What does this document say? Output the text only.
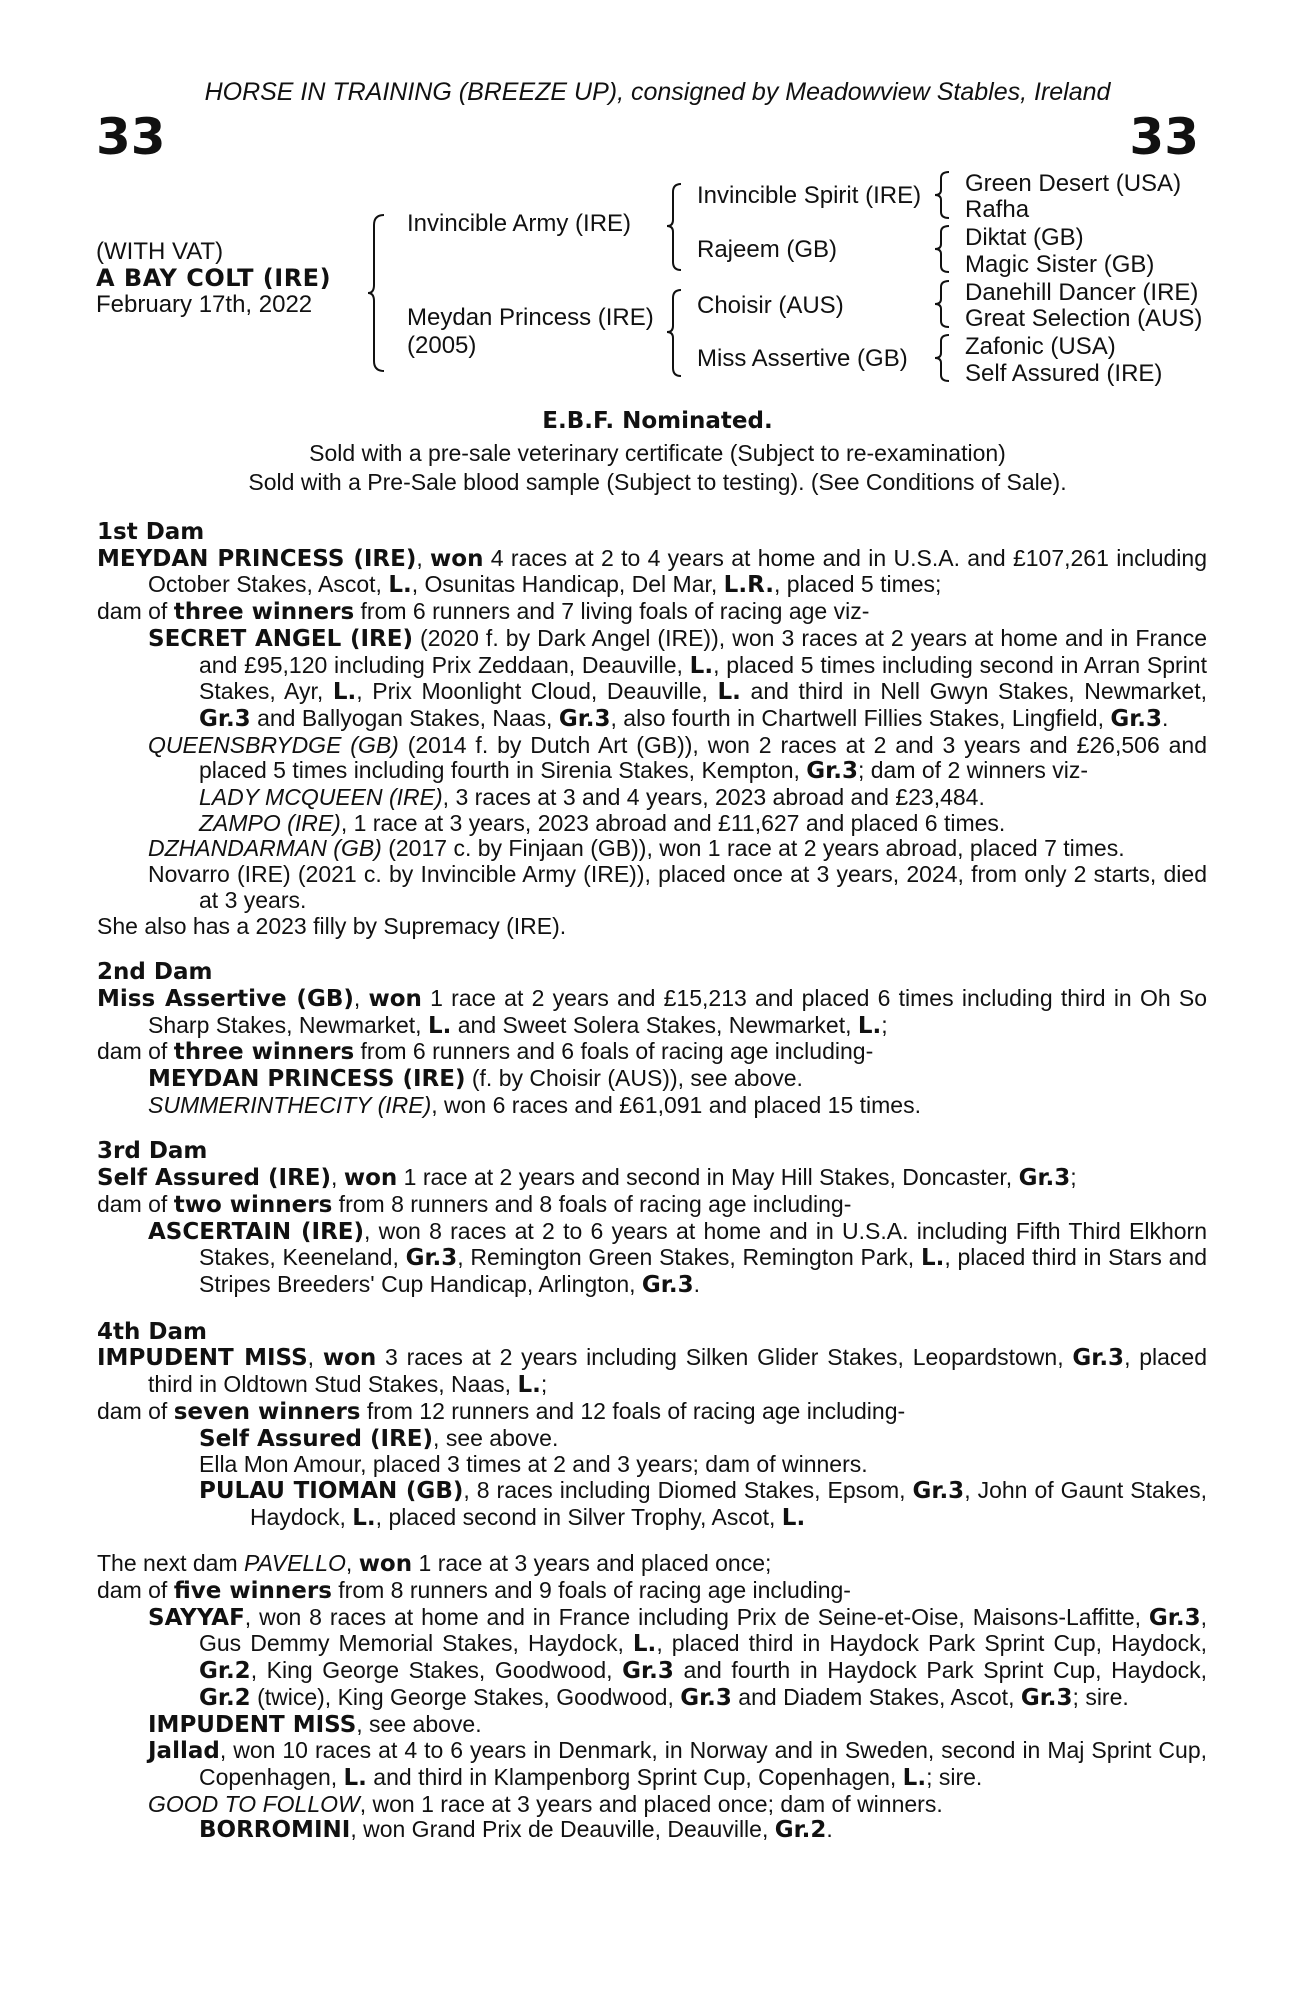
HORSE IN TRAINING (BREEZE UP), consigned by Meadowview Stables, Ireland
33	33
(WITH VAT)
A BAY COLT (IRE)
February 17th, 2022
Invincible Army (IRE)
Meydan Princess (IRE)
(2005)
Invincible Spirit (IRE)
Rajeem (GB)
Choisir (AUS)
Miss Assertive (GB)
Green Desert (USA)
Rafha
Diktat (GB)
Magic Sister (GB)
Danehill Dancer (IRE)
Great Selection (AUS)
Zafonic (USA)
Self Assured (IRE)
E.B.F. Nominated.
Sold with a pre-sale veterinary certificate (Subject to re-examination)
Sold with a Pre-Sale blood sample (Subject to testing). (See Conditions of Sale).

1st Dam

MEYDAN PRINCESS (IRE), won 4 races at 2 to 4 years at home and in U.S.A. and £107,261 including October Stakes, Ascot, L., Osunitas Handicap, Del Mar, L.R., placed 5 times;

dam of three winners from 6 runners and 7 living foals of racing age viz-

SECRET ANGEL (IRE) (2020 f. by Dark Angel (IRE)), won 3 races at 2 years at home and in France and £95,120 including Prix Zeddaan, Deauville, L., placed 5 times including second in Arran Sprint Stakes, Ayr, L., Prix Moonlight Cloud, Deauville, L. and third in Nell Gwyn Stakes, Newmarket, Gr.3 and Ballyogan Stakes, Naas, Gr.3, also fourth in Chartwell Fillies Stakes, Lingfield, Gr.3.

QUEENSBRYDGE (GB) (2014 f. by Dutch Art (GB)), won 2 races at 2 and 3 years and £26,506 and placed 5 times including fourth in Sirenia Stakes, Kempton, Gr.3; dam of 2 winners viz-

LADY MCQUEEN (IRE), 3 races at 3 and 4 years, 2023 abroad and £23,484.

ZAMPO (IRE), 1 race at 3 years, 2023 abroad and £11,627 and placed 6 times.

DZHANDARMAN (GB) (2017 c. by Finjaan (GB)), won 1 race at 2 years abroad, placed 7 times.

Novarro (IRE) (2021 c. by Invincible Army (IRE)), placed once at 3 years, 2024, from only 2 starts, died at 3 years.

She also has a 2023 filly by Supremacy (IRE).

2nd Dam

Miss Assertive (GB), won 1 race at 2 years and £15,213 and placed 6 times including third in Oh So Sharp Stakes, Newmarket, L. and Sweet Solera Stakes, Newmarket, L.;

dam of three winners from 6 runners and 6 foals of racing age including-

MEYDAN PRINCESS (IRE) (f. by Choisir (AUS)), see above.

SUMMERINTHECITY (IRE), won 6 races and £61,091 and placed 15 times.

3rd Dam

Self Assured (IRE), won 1 race at 2 years and second in May Hill Stakes, Doncaster, Gr.3;

dam of two winners from 8 runners and 8 foals of racing age including-

ASCERTAIN (IRE), won 8 races at 2 to 6 years at home and in U.S.A. including Fifth Third Elkhorn Stakes, Keeneland, Gr.3, Remington Green Stakes, Remington Park, L., placed third in Stars and Stripes Breeders' Cup Handicap, Arlington, Gr.3.

4th Dam

IMPUDENT MISS, won 3 races at 2 years including Silken Glider Stakes, Leopardstown, Gr.3, placed third in Oldtown Stud Stakes, Naas, L.;

dam of seven winners from 12 runners and 12 foals of racing age including-

Self Assured (IRE), see above.

Ella Mon Amour, placed 3 times at 2 and 3 years; dam of winners.

PULAU TIOMAN (GB), 8 races including Diomed Stakes, Epsom, Gr.3, John of Gaunt Stakes, Haydock, L., placed second in Silver Trophy, Ascot, L.

The next dam PAVELLO, won 1 race at 3 years and placed once;

dam of five winners from 8 runners and 9 foals of racing age including-

SAYYAF, won 8 races at home and in France including Prix de Seine-et-Oise, Maisons-Laffitte, Gr.3, Gus Demmy Memorial Stakes, Haydock, L., placed third in Haydock Park Sprint Cup, Haydock, Gr.2, King George Stakes, Goodwood, Gr.3 and fourth in Haydock Park Sprint Cup, Haydock, Gr.2 (twice), King George Stakes, Goodwood, Gr.3 and Diadem Stakes, Ascot, Gr.3; sire.

IMPUDENT MISS, see above.

Jallad, won 10 races at 4 to 6 years in Denmark, in Norway and in Sweden, second in Maj Sprint Cup, Copenhagen, L. and third in Klampenborg Sprint Cup, Copenhagen, L.; sire.

GOOD TO FOLLOW, won 1 race at 3 years and placed once; dam of winners.

BORROMINI, won Grand Prix de Deauville, Deauville, Gr.2.
